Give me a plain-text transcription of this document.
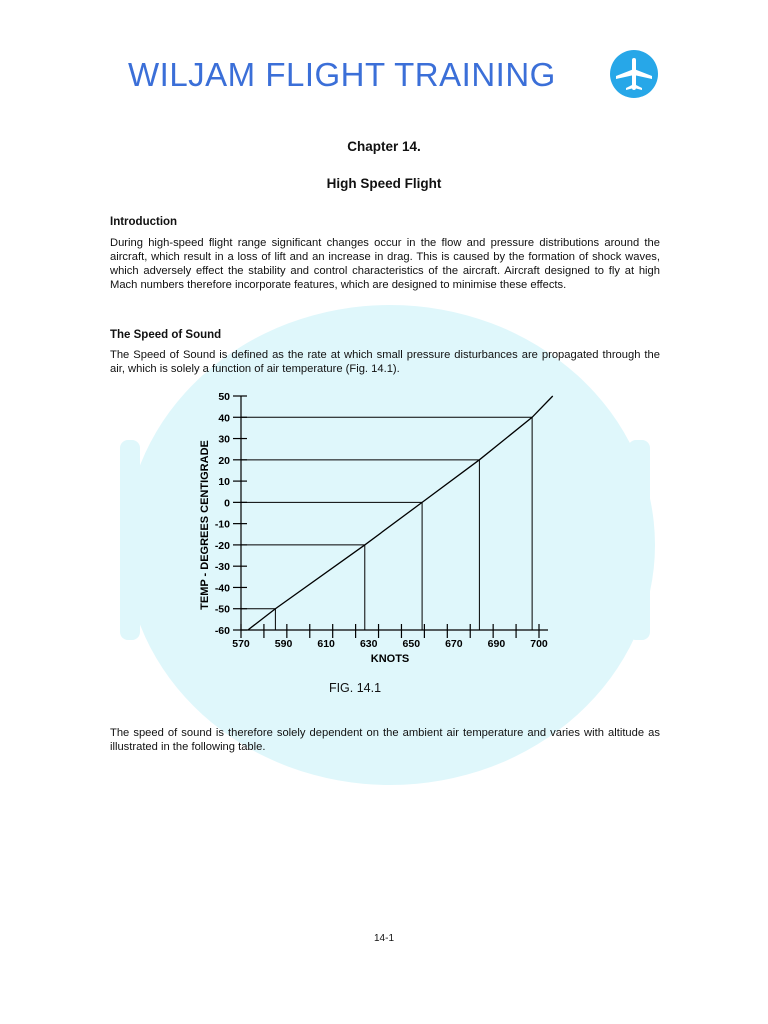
WILJAM FLIGHT TRAINING
Chapter 14.
High Speed Flight
Introduction
During high-speed flight range significant changes occur in the flow and pressure distributions around the aircraft, which result in a loss of lift and an increase in drag. This is caused by the formation of shock waves, which adversely effect the stability and control characteristics of the aircraft. Aircraft designed to fly at high Mach numbers therefore incorporate features, which are designed to minimise these effects.
The Speed of Sound
The Speed of Sound is defined as the rate at which small pressure disturbances are propagated through the air, which is solely a function of air temperature (Fig. 14.1).
50
40
30
20
10
0
-10
-20
-30
-40
-50
-60
570 590 610 630 650 670 690 700
KNOTS
TEMP - DEGREES CENTIGRADE
FIG. 14.1
The speed of sound is therefore solely dependent on the ambient air temperature and varies with altitude as illustrated in the following table.
14-1
